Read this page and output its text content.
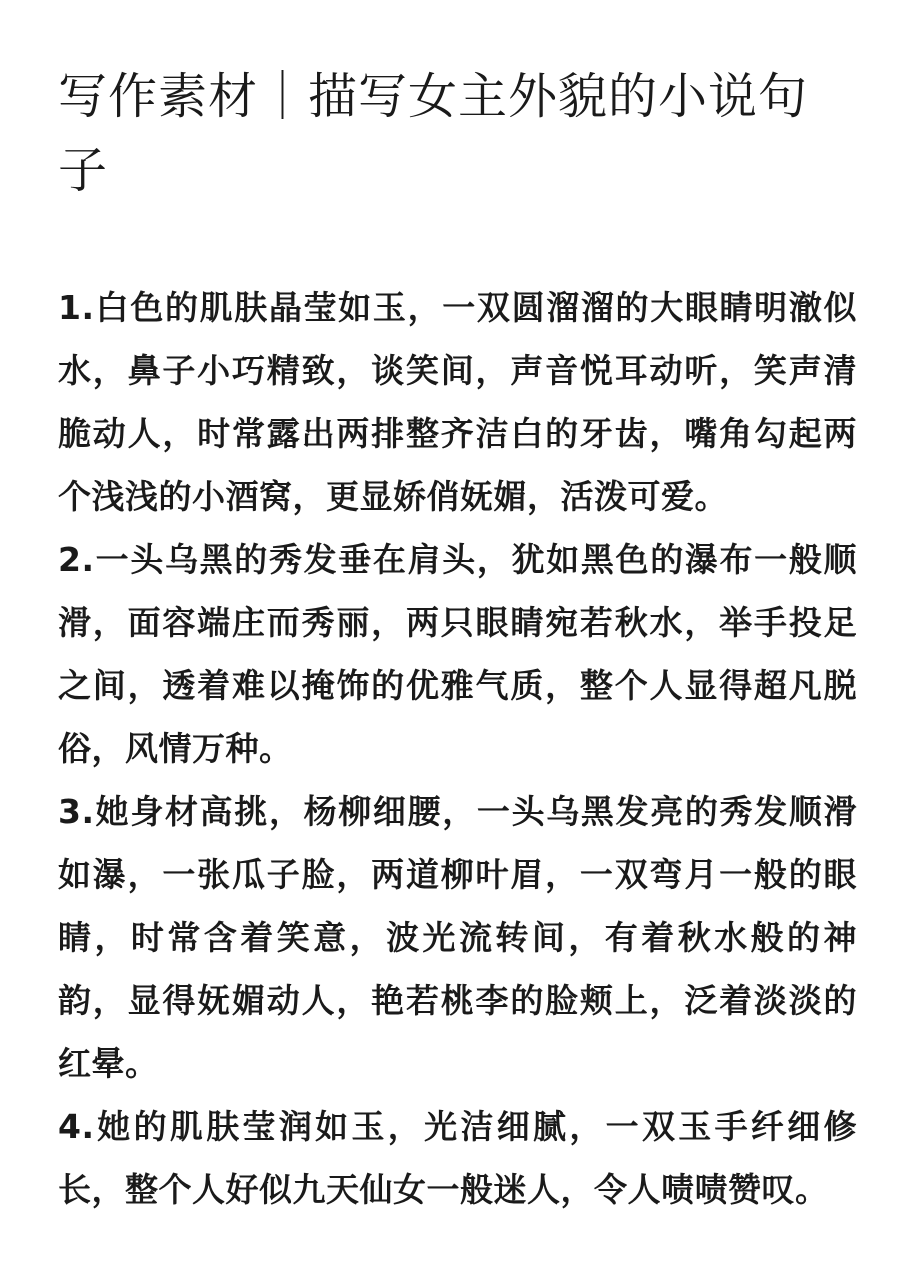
写作素材｜描写女主外貌的小说句子

1.白色的肌肤晶莹如玉，一双圆溜溜的大眼睛明澈似水，鼻子小巧精致，谈笑间，声音悦耳动听，笑声清脆动人，时常露出两排整齐洁白的牙齿，嘴角勾起两个浅浅的小酒窝，更显娇俏妩媚，活泼可爱。

2.一头乌黑的秀发垂在肩头，犹如黑色的瀑布一般顺滑，面容端庄而秀丽，两只眼睛宛若秋水，举手投足之间，透着难以掩饰的优雅气质，整个人显得超凡脱俗，风情万种。

3.她身材高挑，杨柳细腰，一头乌黑发亮的秀发顺滑如瀑，一张瓜子脸，两道柳叶眉，一双弯月一般的眼睛，时常含着笑意，波光流转间，有着秋水般的神韵，显得妩媚动人，艳若桃李的脸颊上，泛着淡淡的红晕。

4.她的肌肤莹润如玉，光洁细腻，一双玉手纤细修长，整个人好似九天仙女一般迷人，令人啧啧赞叹。
